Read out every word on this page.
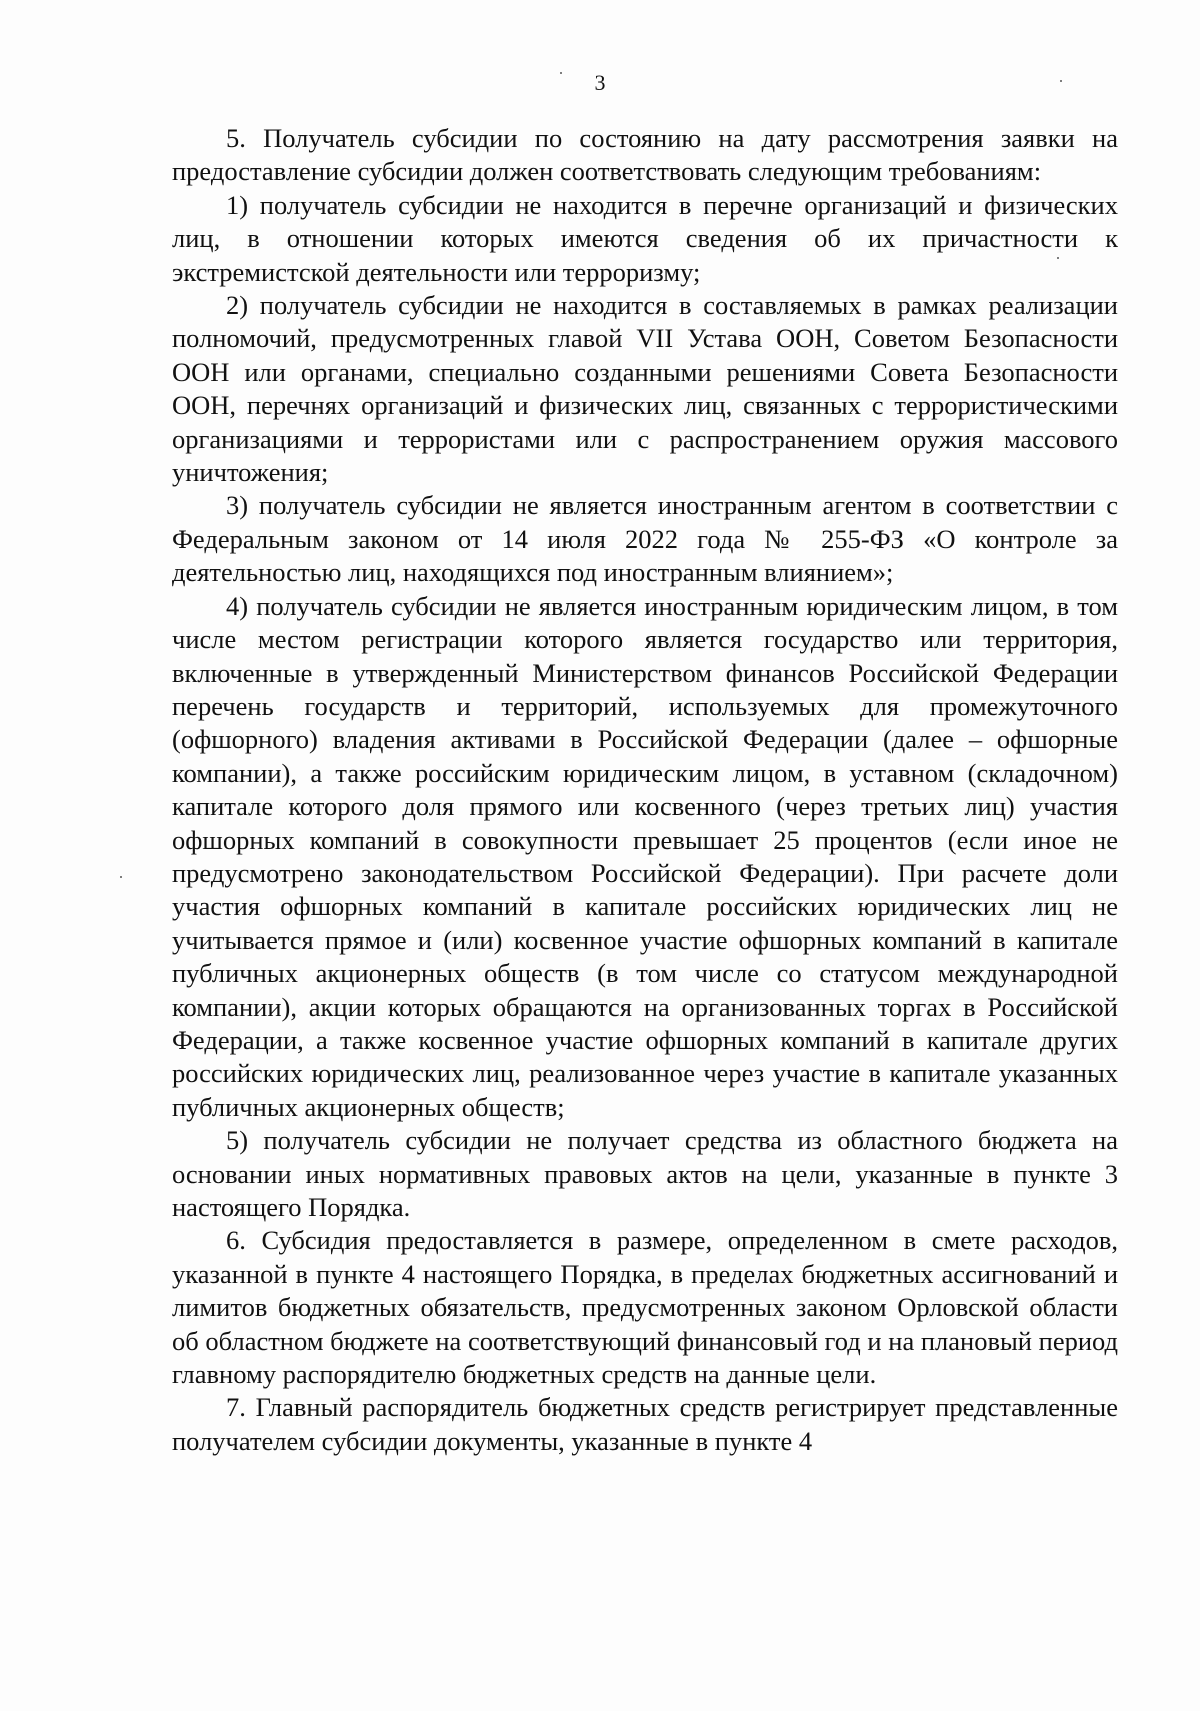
3

5. Получатель субсидии по состоянию на дату рассмотрения заявки на предоставление субсидии должен соответствовать следующим требованиям:

1) получатель субсидии не находится в перечне организаций и физических лиц, в отношении которых имеются сведения об их причастности к экстремистской деятельности или терроризму;

2) получатель субсидии не находится в составляемых в рамках реализации полномочий, предусмотренных главой VII Устава ООН, Советом Безопасности ООН или органами, специально созданными решениями Совета Безопасности ООН, перечнях организаций и физических лиц, связанных с террористическими организациями и террористами или с распространением оружия массового уничтожения;

3) получатель субсидии не является иностранным агентом в соответствии с Федеральным законом от 14 июля 2022 года № 255-ФЗ «О контроле за деятельностью лиц, находящихся под иностранным влиянием»;

4) получатель субсидии не является иностранным юридическим лицом, в том числе местом регистрации которого является государство или территория, включенные в утвержденный Министерством финансов Российской Федерации перечень государств и территорий, используемых для промежуточного (офшорного) владения активами в Российской Федерации (далее – офшорные компании), а также российским юридическим лицом, в уставном (складочном) капитале которого доля прямого или косвенного (через третьих лиц) участия офшорных компаний в совокупности превышает 25 процентов (если иное не предусмотрено законодательством Российской Федерации). При расчете доли участия офшорных компаний в капитале российских юридических лиц не учитывается прямое и (или) косвенное участие офшорных компаний в капитале публичных акционерных обществ (в том числе со статусом международной компании), акции которых обращаются на организованных торгах в Российской Федерации, а также косвенное участие офшорных компаний в капитале других российских юридических лиц, реализованное через участие в капитале указанных публичных акционерных обществ;

5) получатель субсидии не получает средства из областного бюджета на основании иных нормативных правовых актов на цели, указанные в пункте 3 настоящего Порядка.

6. Субсидия предоставляется в размере, определенном в смете расходов, указанной в пункте 4 настоящего Порядка, в пределах бюджетных ассигнований и лимитов бюджетных обязательств, предусмотренных законом Орловской области об областном бюджете на соответствующий финансовый год и на плановый период главному распорядителю бюджетных средств на данные цели.

7. Главный распорядитель бюджетных средств регистрирует представленные получателем субсидии документы, указанные в пункте 4
